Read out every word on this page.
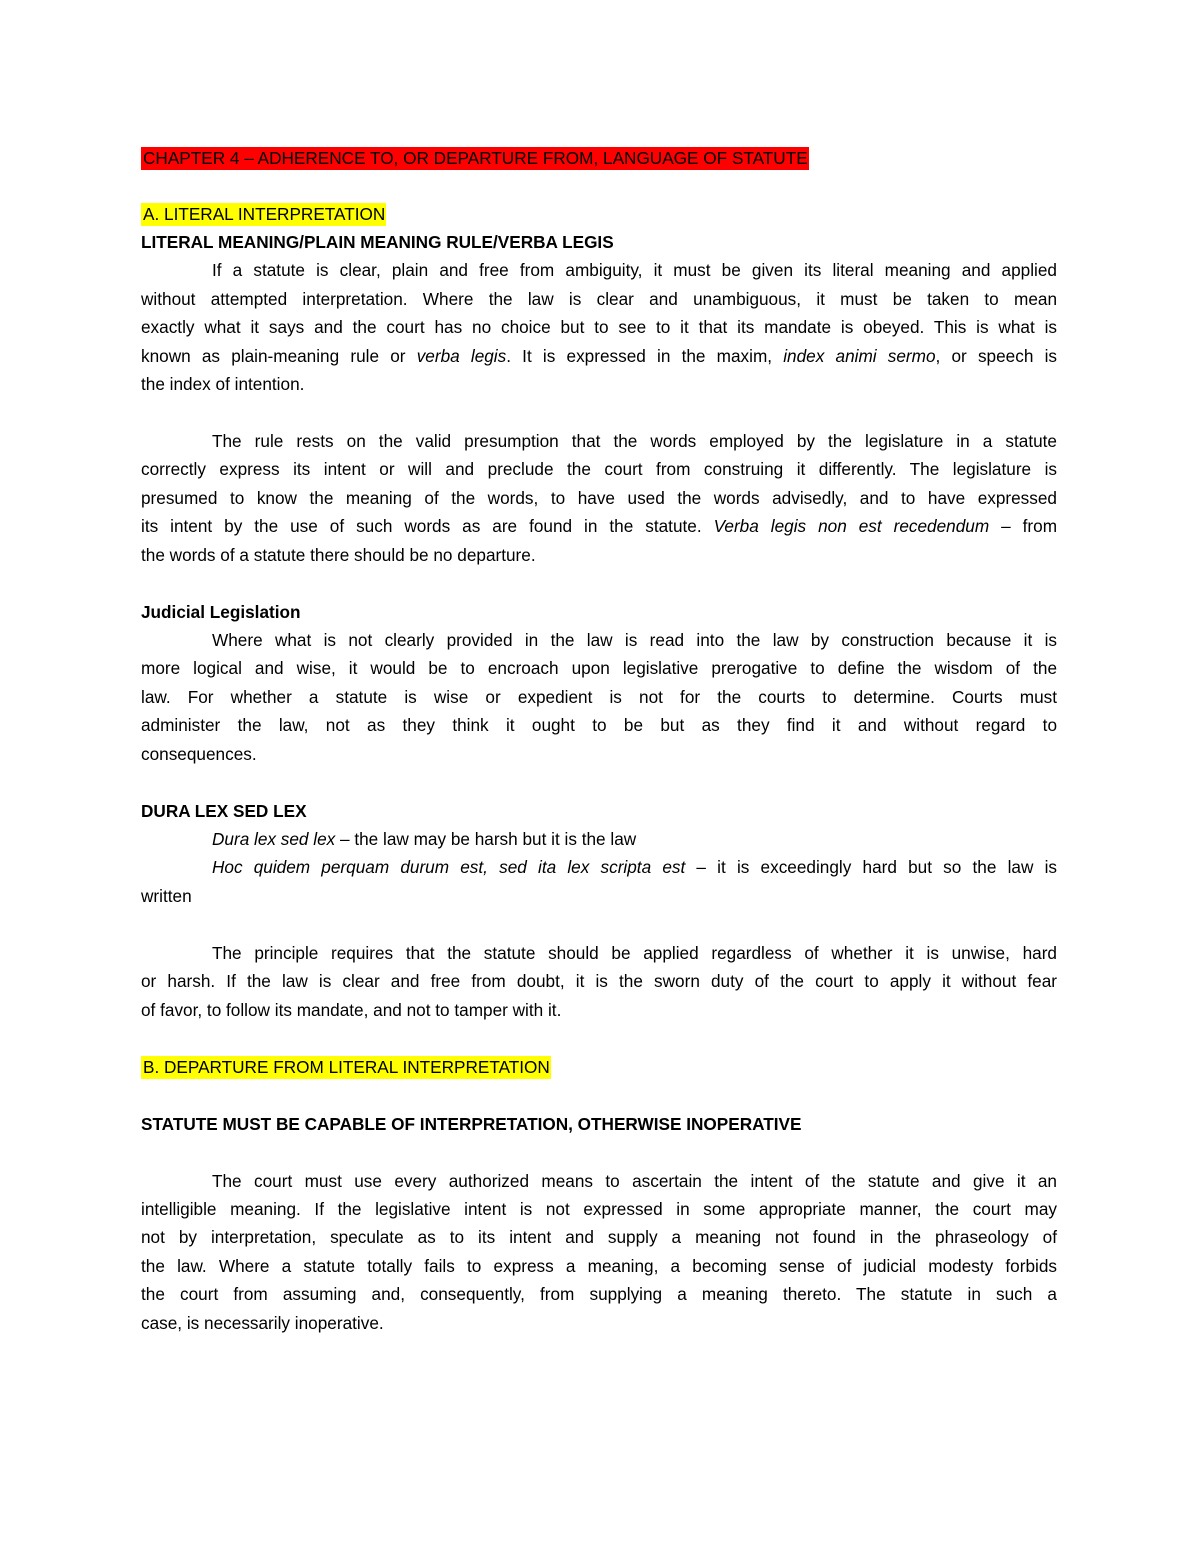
CHAPTER 4 – ADHERENCE TO, OR DEPARTURE FROM, LANGUAGE OF STATUTE
A. LITERAL INTERPRETATION
LITERAL MEANING/PLAIN MEANING RULE/VERBA LEGIS
If a statute is clear, plain and free from ambiguity, it must be given its literal meaning and applied
without attempted interpretation. Where the law is clear and unambiguous, it must be taken to mean
exactly what it says and the court has no choice but to see to it that its mandate is obeyed. This is what is
known as plain-meaning rule or verba legis. It is expressed in the maxim, index animi sermo, or speech is
the index of intention.
The rule rests on the valid presumption that the words employed by the legislature in a statute
correctly express its intent or will and preclude the court from construing it differently. The legislature is
presumed to know the meaning of the words, to have used the words advisedly, and to have expressed
its intent by the use of such words as are found in the statute. Verba legis non est recedendum – from
the words of a statute there should be no departure.
Judicial Legislation
Where what is not clearly provided in the law is read into the law by construction because it is
more logical and wise, it would be to encroach upon legislative prerogative to define the wisdom of the
law. For whether a statute is wise or expedient is not for the courts to determine. Courts must
administer the law, not as they think it ought to be but as they find it and without regard to
consequences.
DURA LEX SED LEX
Dura lex sed lex – the law may be harsh but it is the law
Hoc quidem perquam durum est, sed ita lex scripta est – it is exceedingly hard but so the law is
written
The principle requires that the statute should be applied regardless of whether it is unwise, hard
or harsh. If the law is clear and free from doubt, it is the sworn duty of the court to apply it without fear
of favor, to follow its mandate, and not to tamper with it.
B. DEPARTURE FROM LITERAL INTERPRETATION
STATUTE MUST BE CAPABLE OF INTERPRETATION, OTHERWISE INOPERATIVE
The court must use every authorized means to ascertain the intent of the statute and give it an
intelligible meaning. If the legislative intent is not expressed in some appropriate manner, the court may
not by interpretation, speculate as to its intent and supply a meaning not found in the phraseology of
the law. Where a statute totally fails to express a meaning, a becoming sense of judicial modesty forbids
the court from assuming and, consequently, from supplying a meaning thereto. The statute in such a
case, is necessarily inoperative.
